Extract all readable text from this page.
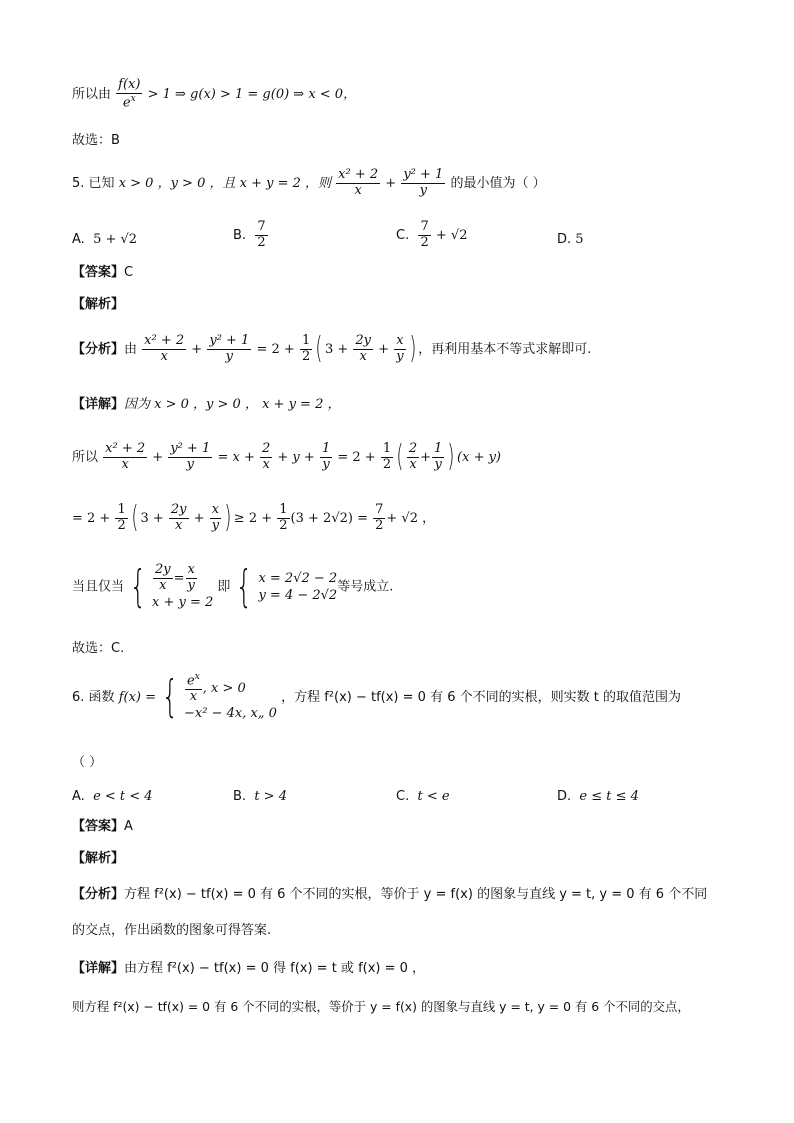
所以由 $\frac{f(x)}{e^x} > 1$ ⇒ g(x) > 1 = g(0) ⇒ x < 0，
故选：B
5. 已知 x > 0 ，y > 0 ，且 x + y = 2 ，则 $\frac{\text{x² + 2}}{x} + \frac{\text{y² + 1}}{y}$ 的最小值为（ ）
A. 5 + √2	B. $\frac{7}{2}$	C. $\frac{7}{2} + √2$	D. 5
【答案】C
【解析】
【分析】由 $\frac{\text{x² + 2}}{x} + \frac{\text{y² + 1}}{y} = 2 + \frac{1}{2}$ ( $3 + \frac{2y}{x} + \frac{x}{y}$ ) ，再利用基本不等式求解即可.
【详解】因为 x > 0 ，y > 0 ， x + y = 2 ，
所以 $\frac{\text{x² + 2}}{x} + \frac{\text{y² + 1}}{y} = x + \frac{2}{x} + y + \frac{1}{y} = 2 + \frac{1}{2}$ ( $\frac{2}{x} + \frac{1}{y}$ ) (x + y)
= $2 + \frac{1}{2}$ ( $3 + \frac{2y}{x} + \frac{x}{y}$ ) ≥ $2 + \frac{1}{2} (3 + 2√2) = \frac{7}{2} + √2$ ，
当且仅当 { $\frac{2y}{x} = \frac{x}{y}$
x + y = 2
即 { x = 2√2 − 2
y = 4 − 2√2
等号成立.
故选：C.
6. 函数 f(x) = { $\frac{e^x}{x}$ , x > 0
−x² − 4x, x„ 0
，方程 f²(x) − tf(x) = 0 有 6 个不同的实根，则实数 t 的取值范围为
（ ）
A. e < t < 4	B. t > 4	C. t < e	D. e ≤ t ≤ 4
【答案】A
【解析】
【分析】方程 f²(x) − tf(x) = 0 有 6 个不同的实根，等价于 y = f(x) 的图象与直线 y = t, y = 0 有 6 个不同
的交点，作出函数的图象可得答案.
【详解】由方程 f²(x) − tf(x) = 0 得 f(x) = t 或 f(x) = 0 ，
则方程 f²(x) − tf(x) = 0 有 6 个不同的实根，等价于 y = f(x) 的图象与直线 y = t, y = 0 有 6 个不同的交点，
